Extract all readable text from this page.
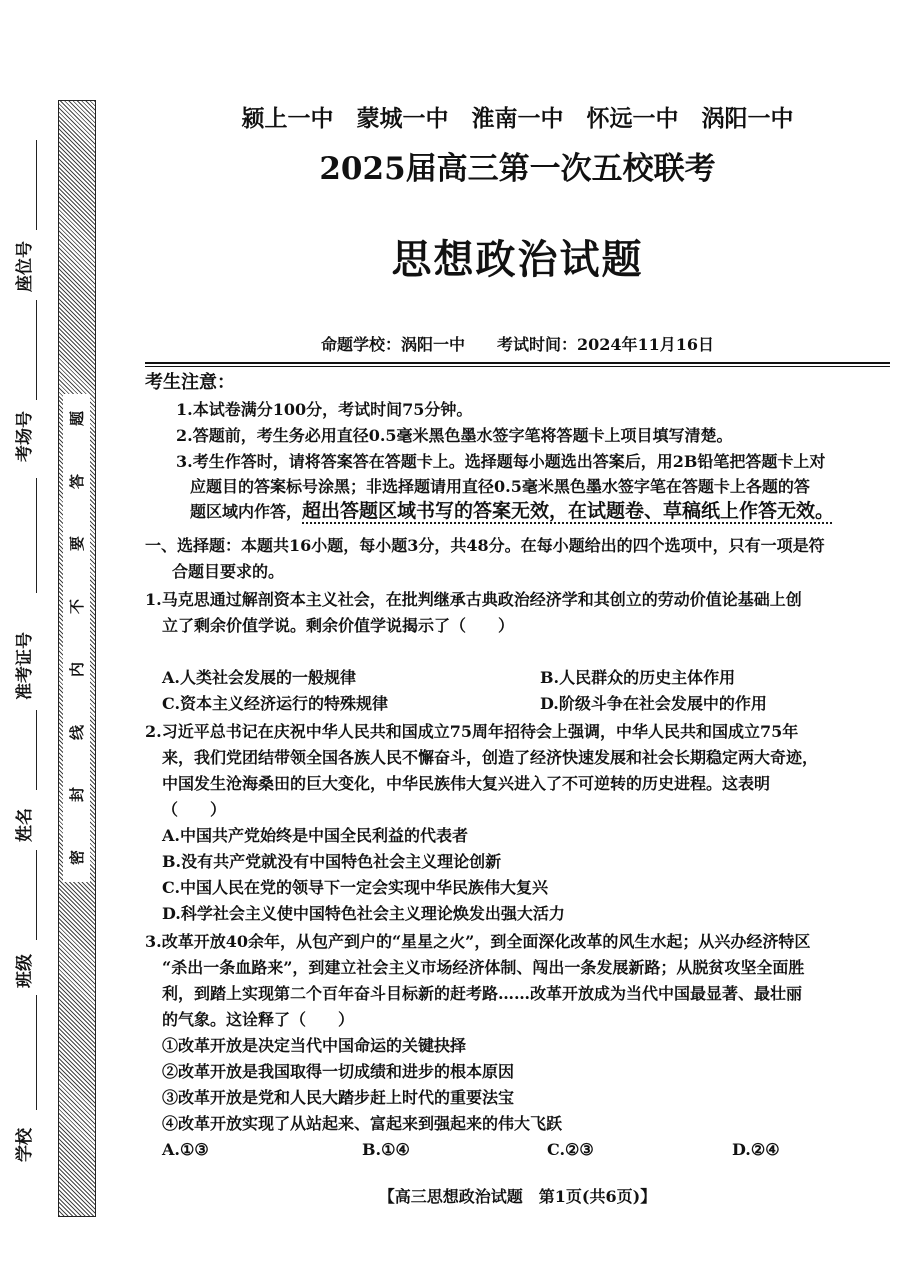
座位号
考场号
准考证号
姓名
班级
学校
密
封
线
内
不
要
答
题
颍上一中　蒙城一中　淮南一中　怀远一中　涡阳一中
2025届高三第一次五校联考
思想政治试题
命题学校：涡阳一中　　考试时间：2024年11月16日
考生注意：
1.本试卷满分100分，考试时间75分钟。
2.答题前，考生务必用直径0.5毫米黑色墨水签字笔将答题卡上项目填写清楚。
3.考生作答时，请将答案答在答题卡上。选择题每小题选出答案后，用2B铅笔把答题卡上对
应题目的答案标号涂黑；非选择题请用直径0.5毫米黑色墨水签字笔在答题卡上各题的答
题区域内作答，超出答题区域书写的答案无效，在试题卷、草稿纸上作答无效。
一、选择题：本题共16小题，每小题3分，共48分。在每小题给出的四个选项中，只有一项是符
合题目要求的。
1.马克思通过解剖资本主义社会，在批判继承古典政治经济学和其创立的劳动价值论基础上创
立了剩余价值学说。剩余价值学说揭示了（　　）
A.人类社会发展的一般规律	B.人民群众的历史主体作用
C.资本主义经济运行的特殊规律	D.阶级斗争在社会发展中的作用
2.习近平总书记在庆祝中华人民共和国成立75周年招待会上强调，中华人民共和国成立75年
来，我们党团结带领全国各族人民不懈奋斗，创造了经济快速发展和社会长期稳定两大奇迹，
中国发生沧海桑田的巨大变化，中华民族伟大复兴进入了不可逆转的历史进程。这表明
（　　）
A.中国共产党始终是中国全民利益的代表者
B.没有共产党就没有中国特色社会主义理论创新
C.中国人民在党的领导下一定会实现中华民族伟大复兴
D.科学社会主义使中国特色社会主义理论焕发出强大活力
3.改革开放40余年，从包产到户的“星星之火”，到全面深化改革的风生水起；从兴办经济特区
“杀出一条血路来”，到建立社会主义市场经济体制、闯出一条发展新路；从脱贫攻坚全面胜
利，到踏上实现第二个百年奋斗目标新的赶考路……改革开放成为当代中国最显著、最壮丽
的气象。这诠释了（　　）
①改革开放是决定当代中国命运的关键抉择
②改革开放是我国取得一切成绩和进步的根本原因
③改革开放是党和人民大踏步赶上时代的重要法宝
④改革开放实现了从站起来、富起来到强起来的伟大飞跃
A.①③	B.①④	C.②③	D.②④
【高三思想政治试题　第1页(共6页)】
